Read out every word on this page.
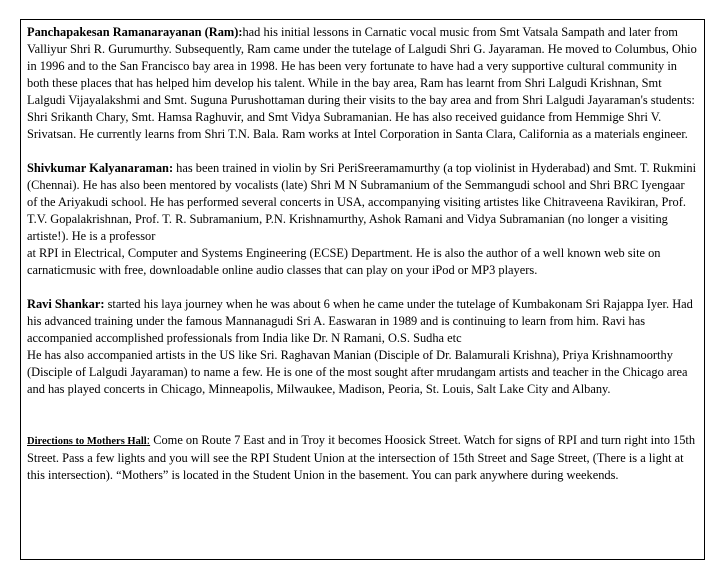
Panchapakesan Ramanarayanan (Ram):had his initial lessons in Carnatic vocal music from Smt Vatsala Sampath and later from Valliyur Shri R. Gurumurthy. Subsequently, Ram came under the tutelage of Lalgudi Shri G. Jayaraman. He moved to Columbus, Ohio in 1996 and to the San Francisco bay area in 1998. He has been very fortunate to have had a very supportive cultural community in both these places that has helped him develop his talent. While in the bay area, Ram has learnt from Shri Lalgudi Krishnan, Smt Lalgudi Vijayalakshmi and Smt. Suguna Purushottaman during their visits to the bay area and from Shri Lalgudi Jayaraman's students: Shri Srikanth Chary, Smt. Hamsa Raghuvir, and Smt Vidya Subramanian. He has also received guidance from Hemmige Shri V. Srivatsan. He currently learns from Shri T.N. Bala. Ram works at Intel Corporation in Santa Clara, California as a materials engineer.

Shivkumar Kalyanaraman: has been trained in violin by Sri PeriSreeramamurthy (a top violinist in Hyderabad) and Smt. T. Rukmini (Chennai). He has also been mentored by vocalists (late) Shri M N Subramanium of the Semmangudi school and Shri BRC Iyengaar of the Ariyakudi school. He has performed several concerts in USA, accompanying visiting artistes like Chitraveena Ravikiran, Prof. T.V. Gopalakrishnan, Prof. T. R. Subramanium, P.N. Krishnamurthy, Ashok Ramani and Vidya Subramanian (no longer a visiting artiste!). He is a professor
at RPI in Electrical, Computer and Systems Engineering (ECSE) Department. He is also the author of a well known web site on carnaticmusic with free, downloadable online audio classes that can play on your iPod or MP3 players.

Ravi Shankar: started his laya journey when he was about 6 when he came under the tutelage of Kumbakonam Sri Rajappa Iyer. Had his advanced training under the famous Mannanagudi Sri A. Easwaran in 1989 and is continuing to learn from him. Ravi has accompanied accomplished professionals from India like Dr. N Ramani, O.S. Sudha etc
He has also accompanied artists in the US like Sri. Raghavan Manian (Disciple of Dr. Balamurali Krishna), Priya Krishnamoorthy (Disciple of Lalgudi Jayaraman) to name a few. He is one of the most sought after mrudangam artists and teacher in the Chicago area and has played concerts in Chicago, Minneapolis, Milwaukee, Madison, Peoria, St. Louis, Salt Lake City and Albany.

Directions to Mothers Hall: Come on Route 7 East and in Troy it becomes Hoosick Street. Watch for signs of RPI and turn right into 15th Street. Pass a few lights and you will see the RPI Student Union at the intersection of 15th Street and Sage Street, (There is a light at this intersection). “Mothers” is located in the Student Union in the basement. You can park anywhere during weekends.
